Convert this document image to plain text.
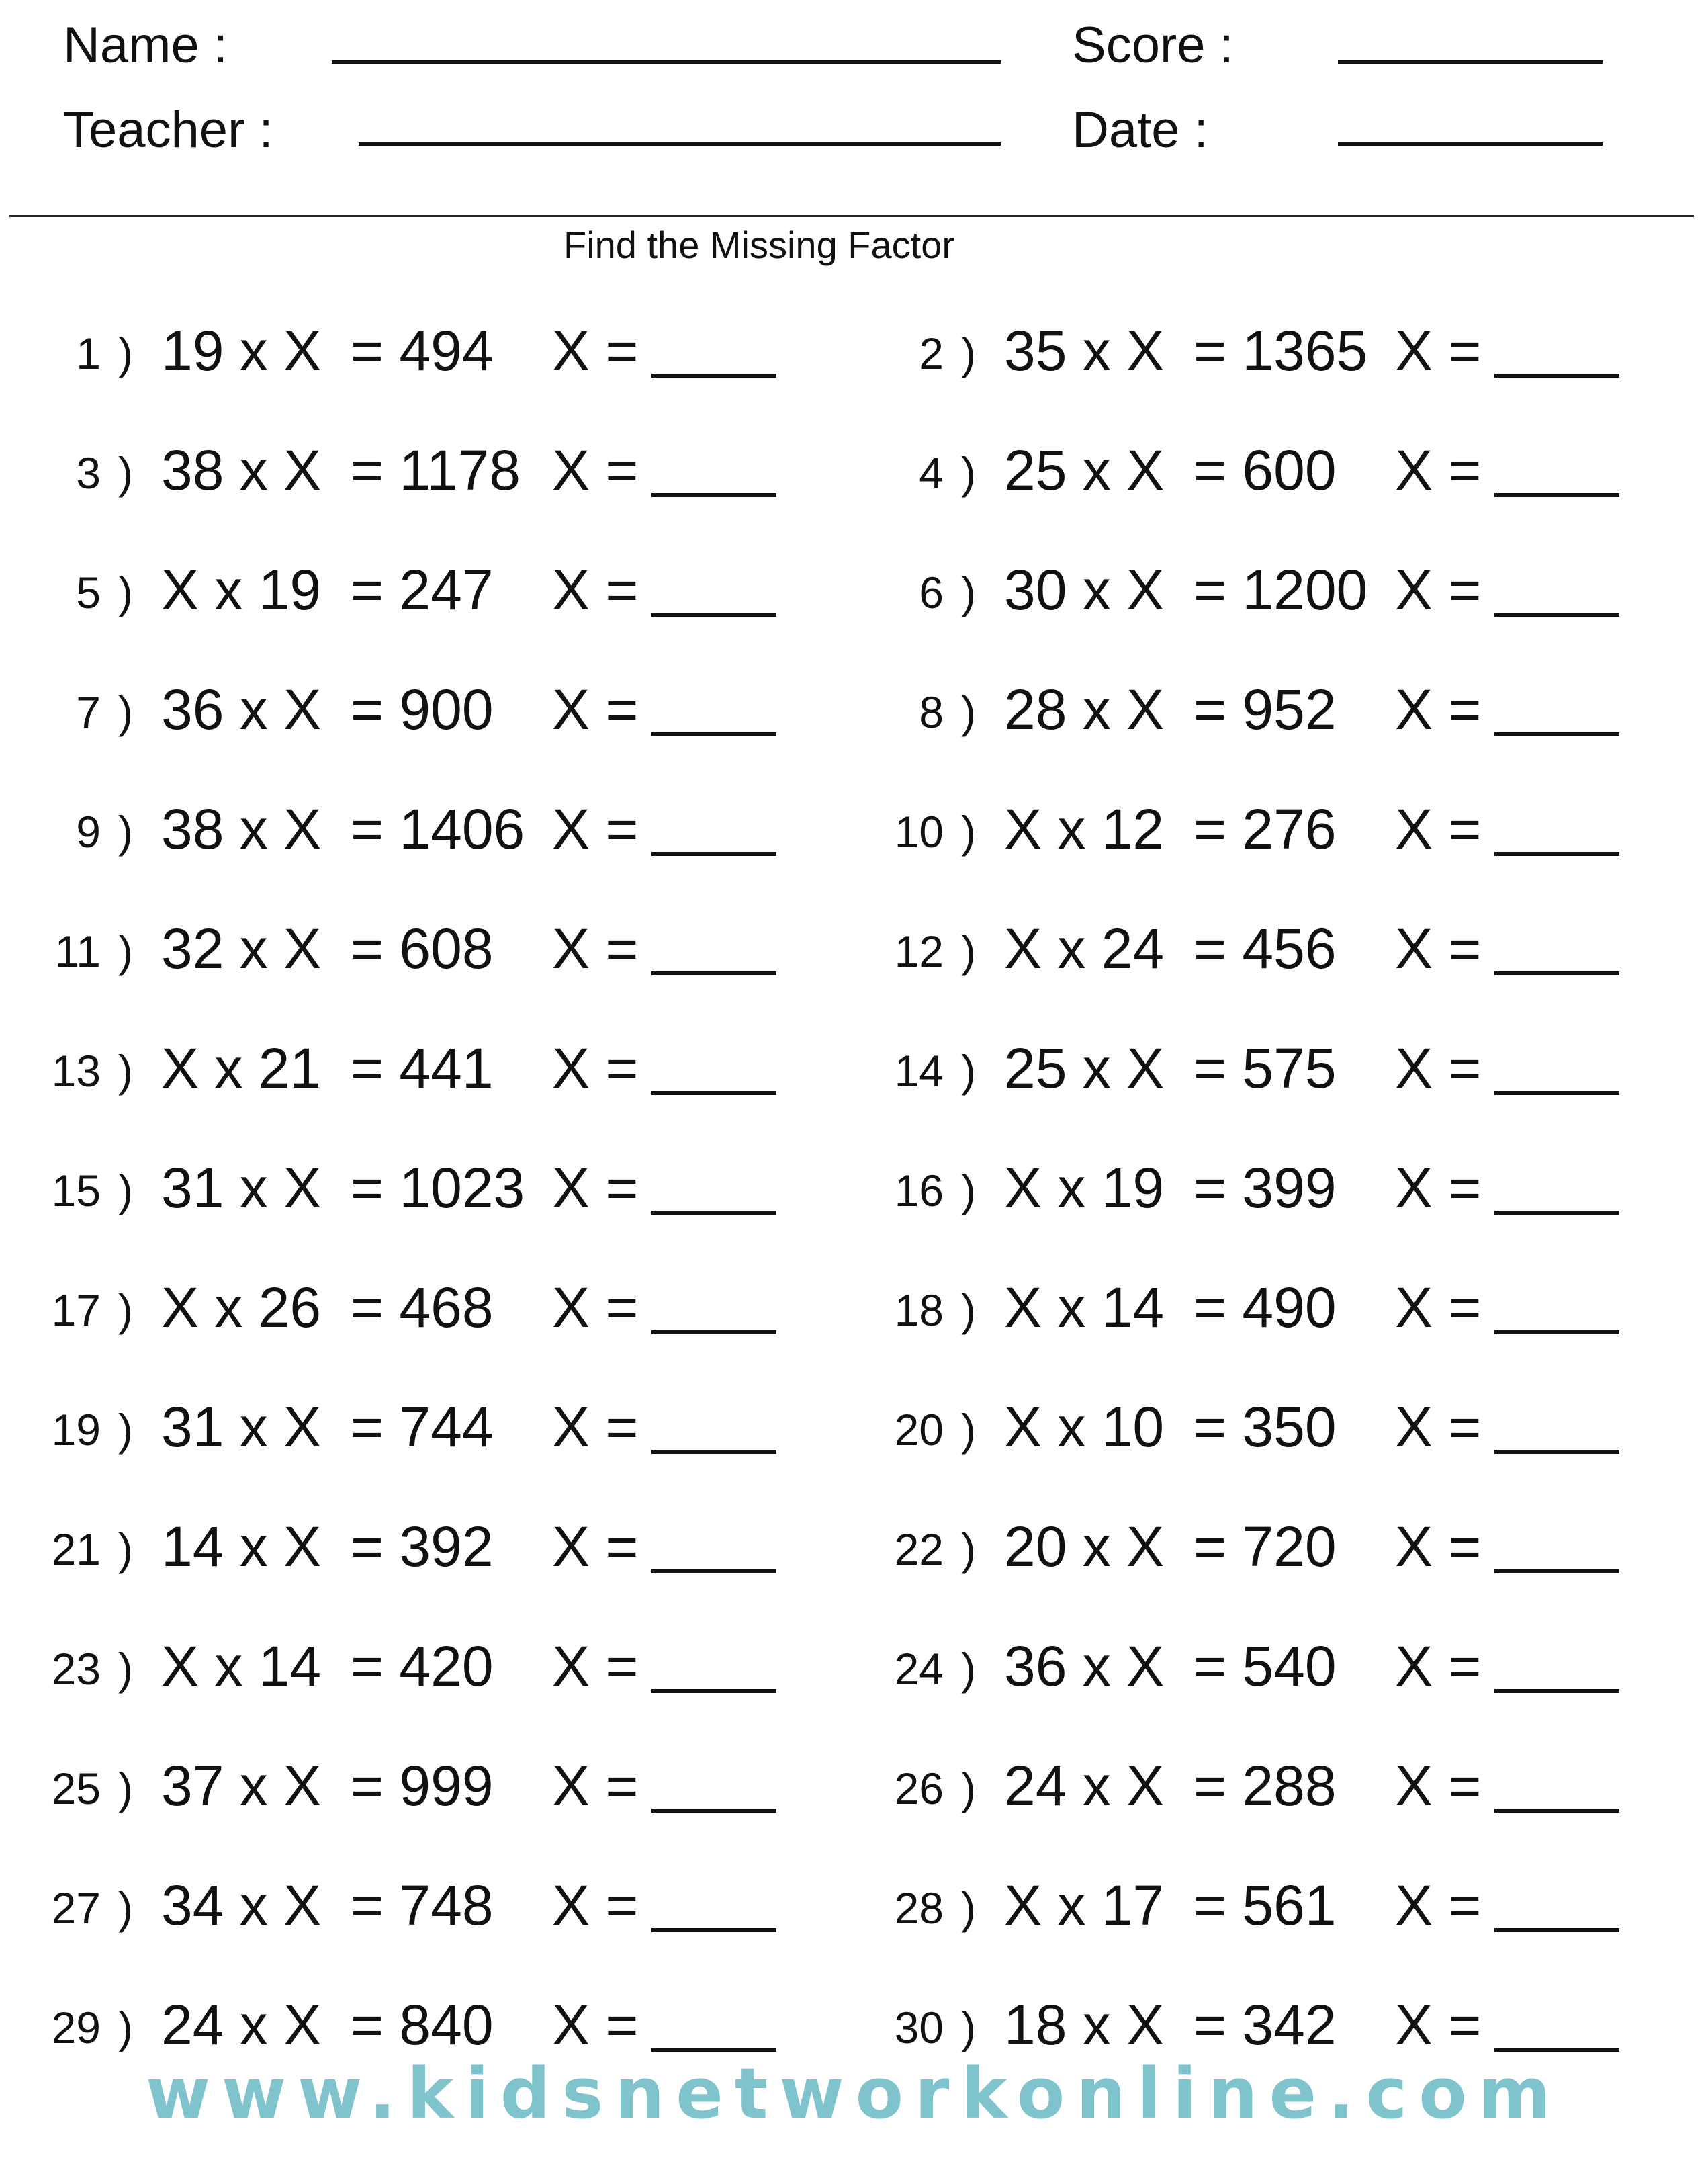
Name :
Teacher :
Score :
Date :
Find the Missing Factor
1 ) 19 x X = 494 X =	2 ) 35 x X = 1365 X =
3 ) 38 x X = 1178 X =	4 ) 25 x X = 600 X =
5 ) X x 19 = 247 X =	6 ) 30 x X = 1200 X =
7 ) 36 x X = 900 X =	8 ) 28 x X = 952 X =
9 ) 38 x X = 1406 X =	10 ) X x 12 = 276 X =
11 ) 32 x X = 608 X =	12 ) X x 24 = 456 X =
13 ) X x 21 = 441 X =	14 ) 25 x X = 575 X =
15 ) 31 x X = 1023 X =	16 ) X x 19 = 399 X =
17 ) X x 26 = 468 X =	18 ) X x 14 = 490 X =
19 ) 31 x X = 744 X =	20 ) X x 10 = 350 X =
21 ) 14 x X = 392 X =	22 ) 20 x X = 720 X =
23 ) X x 14 = 420 X =	24 ) 36 x X = 540 X =
25 ) 37 x X = 999 X =	26 ) 24 x X = 288 X =
27 ) 34 x X = 748 X =	28 ) X x 17 = 561 X =
29 ) 24 x X = 840 X =	30 ) 18 x X = 342 X =
www.kidsnetworkonline.com
